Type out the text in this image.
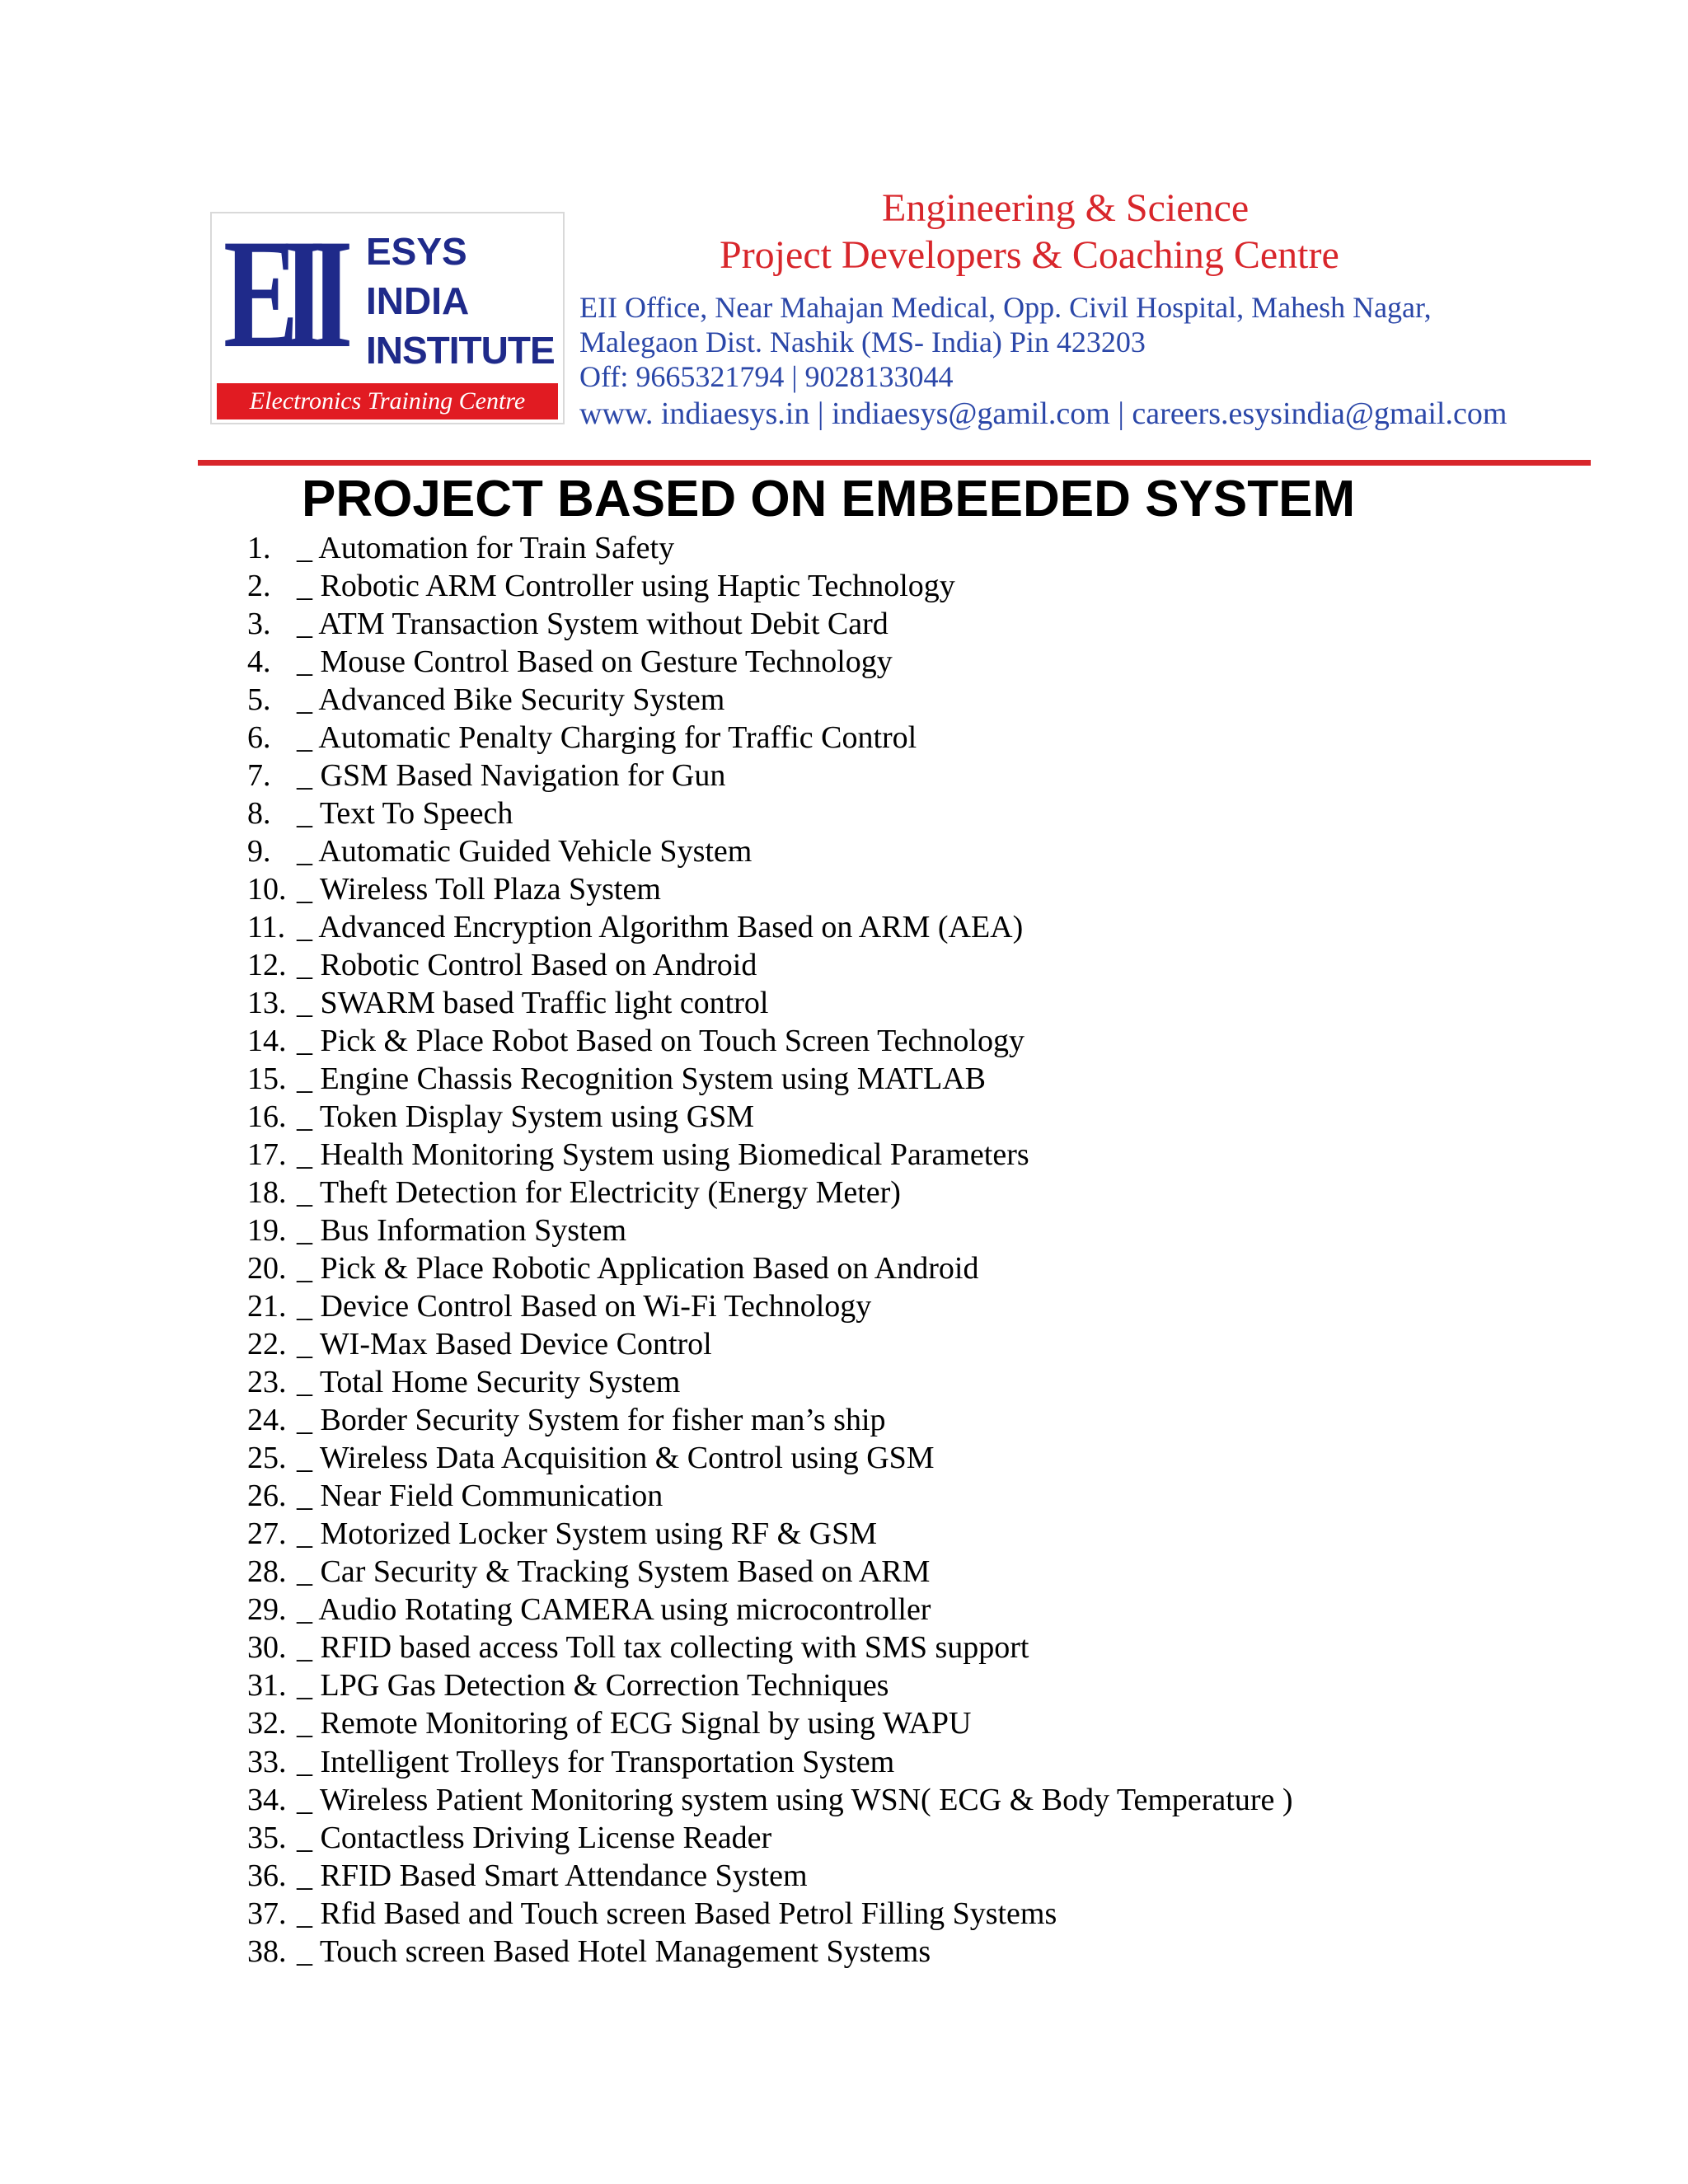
EII ESYS
INDIA
INSTITUTE
Electronics Training Centre
Engineering & Science
Project Developers & Coaching Centre
EII Office, Near Mahajan Medical, Opp. Civil Hospital, Mahesh Nagar,
Malegaon Dist. Nashik (MS- India) Pin 423203
Off: 9665321794 | 9028133044
www. indiaesys.in | indiaesys@gamil.com | careers.esysindia@gmail.com
PROJECT BASED ON EMBEEDED SYSTEM
1. _ Automation for Train Safety
2. _ Robotic ARM Controller using Haptic Technology
3. _ ATM Transaction System without Debit Card
4. _ Mouse Control Based on Gesture Technology
5. _ Advanced Bike Security System
6. _ Automatic Penalty Charging for Traffic Control
7. _ GSM Based Navigation for Gun
8. _ Text To Speech
9. _ Automatic Guided Vehicle System
10. _ Wireless Toll Plaza System
11. _ Advanced Encryption Algorithm Based on ARM (AEA)
12. _ Robotic Control Based on Android
13. _ SWARM based Traffic light control
14. _ Pick & Place Robot Based on Touch Screen Technology
15. _ Engine Chassis Recognition System using MATLAB
16. _ Token Display System using GSM
17. _ Health Monitoring System using Biomedical Parameters
18. _ Theft Detection for Electricity (Energy Meter)
19. _ Bus Information System
20. _ Pick & Place Robotic Application Based on Android
21. _ Device Control Based on Wi-Fi Technology
22. _ WI-Max Based Device Control
23. _ Total Home Security System
24. _ Border Security System for fisher man’s ship
25. _ Wireless Data Acquisition & Control using GSM
26. _ Near Field Communication
27. _ Motorized Locker System using RF & GSM
28. _ Car Security & Tracking System Based on ARM
29. _ Audio Rotating CAMERA using microcontroller
30. _ RFID based access Toll tax collecting with SMS support
31. _ LPG Gas Detection & Correction Techniques
32. _ Remote Monitoring of ECG Signal by using WAPU
33. _ Intelligent Trolleys for Transportation System
34. _ Wireless Patient Monitoring system using WSN( ECG & Body Temperature )
35. _ Contactless Driving License Reader
36. _ RFID Based Smart Attendance System
37. _ Rfid Based and Touch screen Based Petrol Filling Systems
38. _ Touch screen Based Hotel Management Systems
